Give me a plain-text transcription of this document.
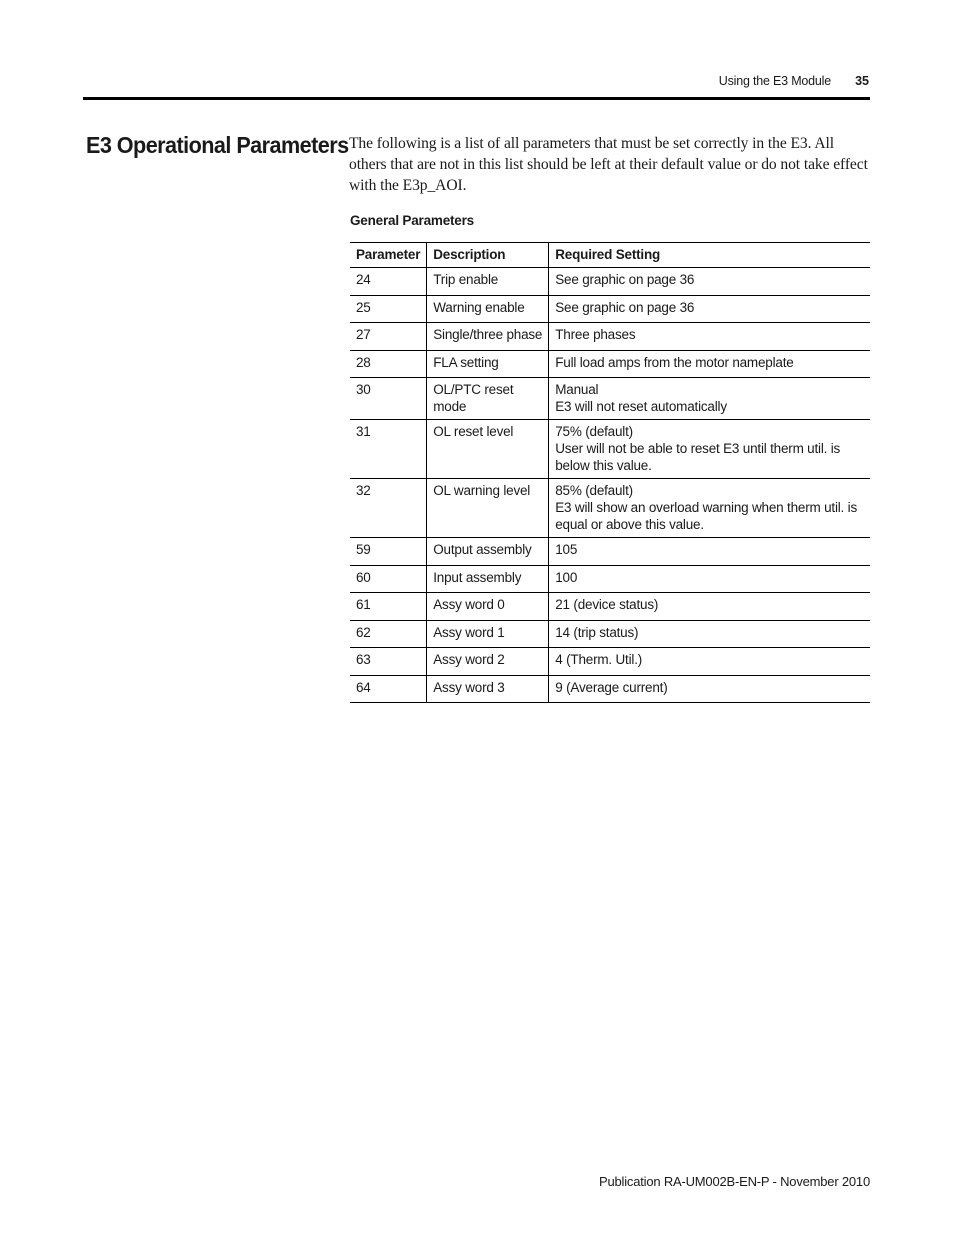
Using the E3 Module	35
E3 Operational Parameters The following is a list of all parameters that must be set correctly in the E3. All others that are not in this list should be left at their default value or do not take effect with the E3p_AOI.

General Parameters
Parameter	Description	Required Setting
24	Trip enable	See graphic on page 36

25	Warning enable	See graphic on page 36

27	Single/three phase	Three phases

28	FLA setting	Full load amps from the motor nameplate

30	OL/PTC reset mode	Manual
E3 will not reset automatically

31	OL reset level	75% (default)
User will not be able to reset E3 until therm util. is below this value.

32	OL warning level	85% (default)
E3 will show an overload warning when therm util. is equal or above this value.

59	Output assembly	105

60	Input assembly	100

61	Assy word 0	21 (device status)

62	Assy word 1	14 (trip status)

63	Assy word 2	4 (Therm. Util.)

64	Assy word 3	9 (Average current)
Publication RA-UM002B-EN-P - November 2010
